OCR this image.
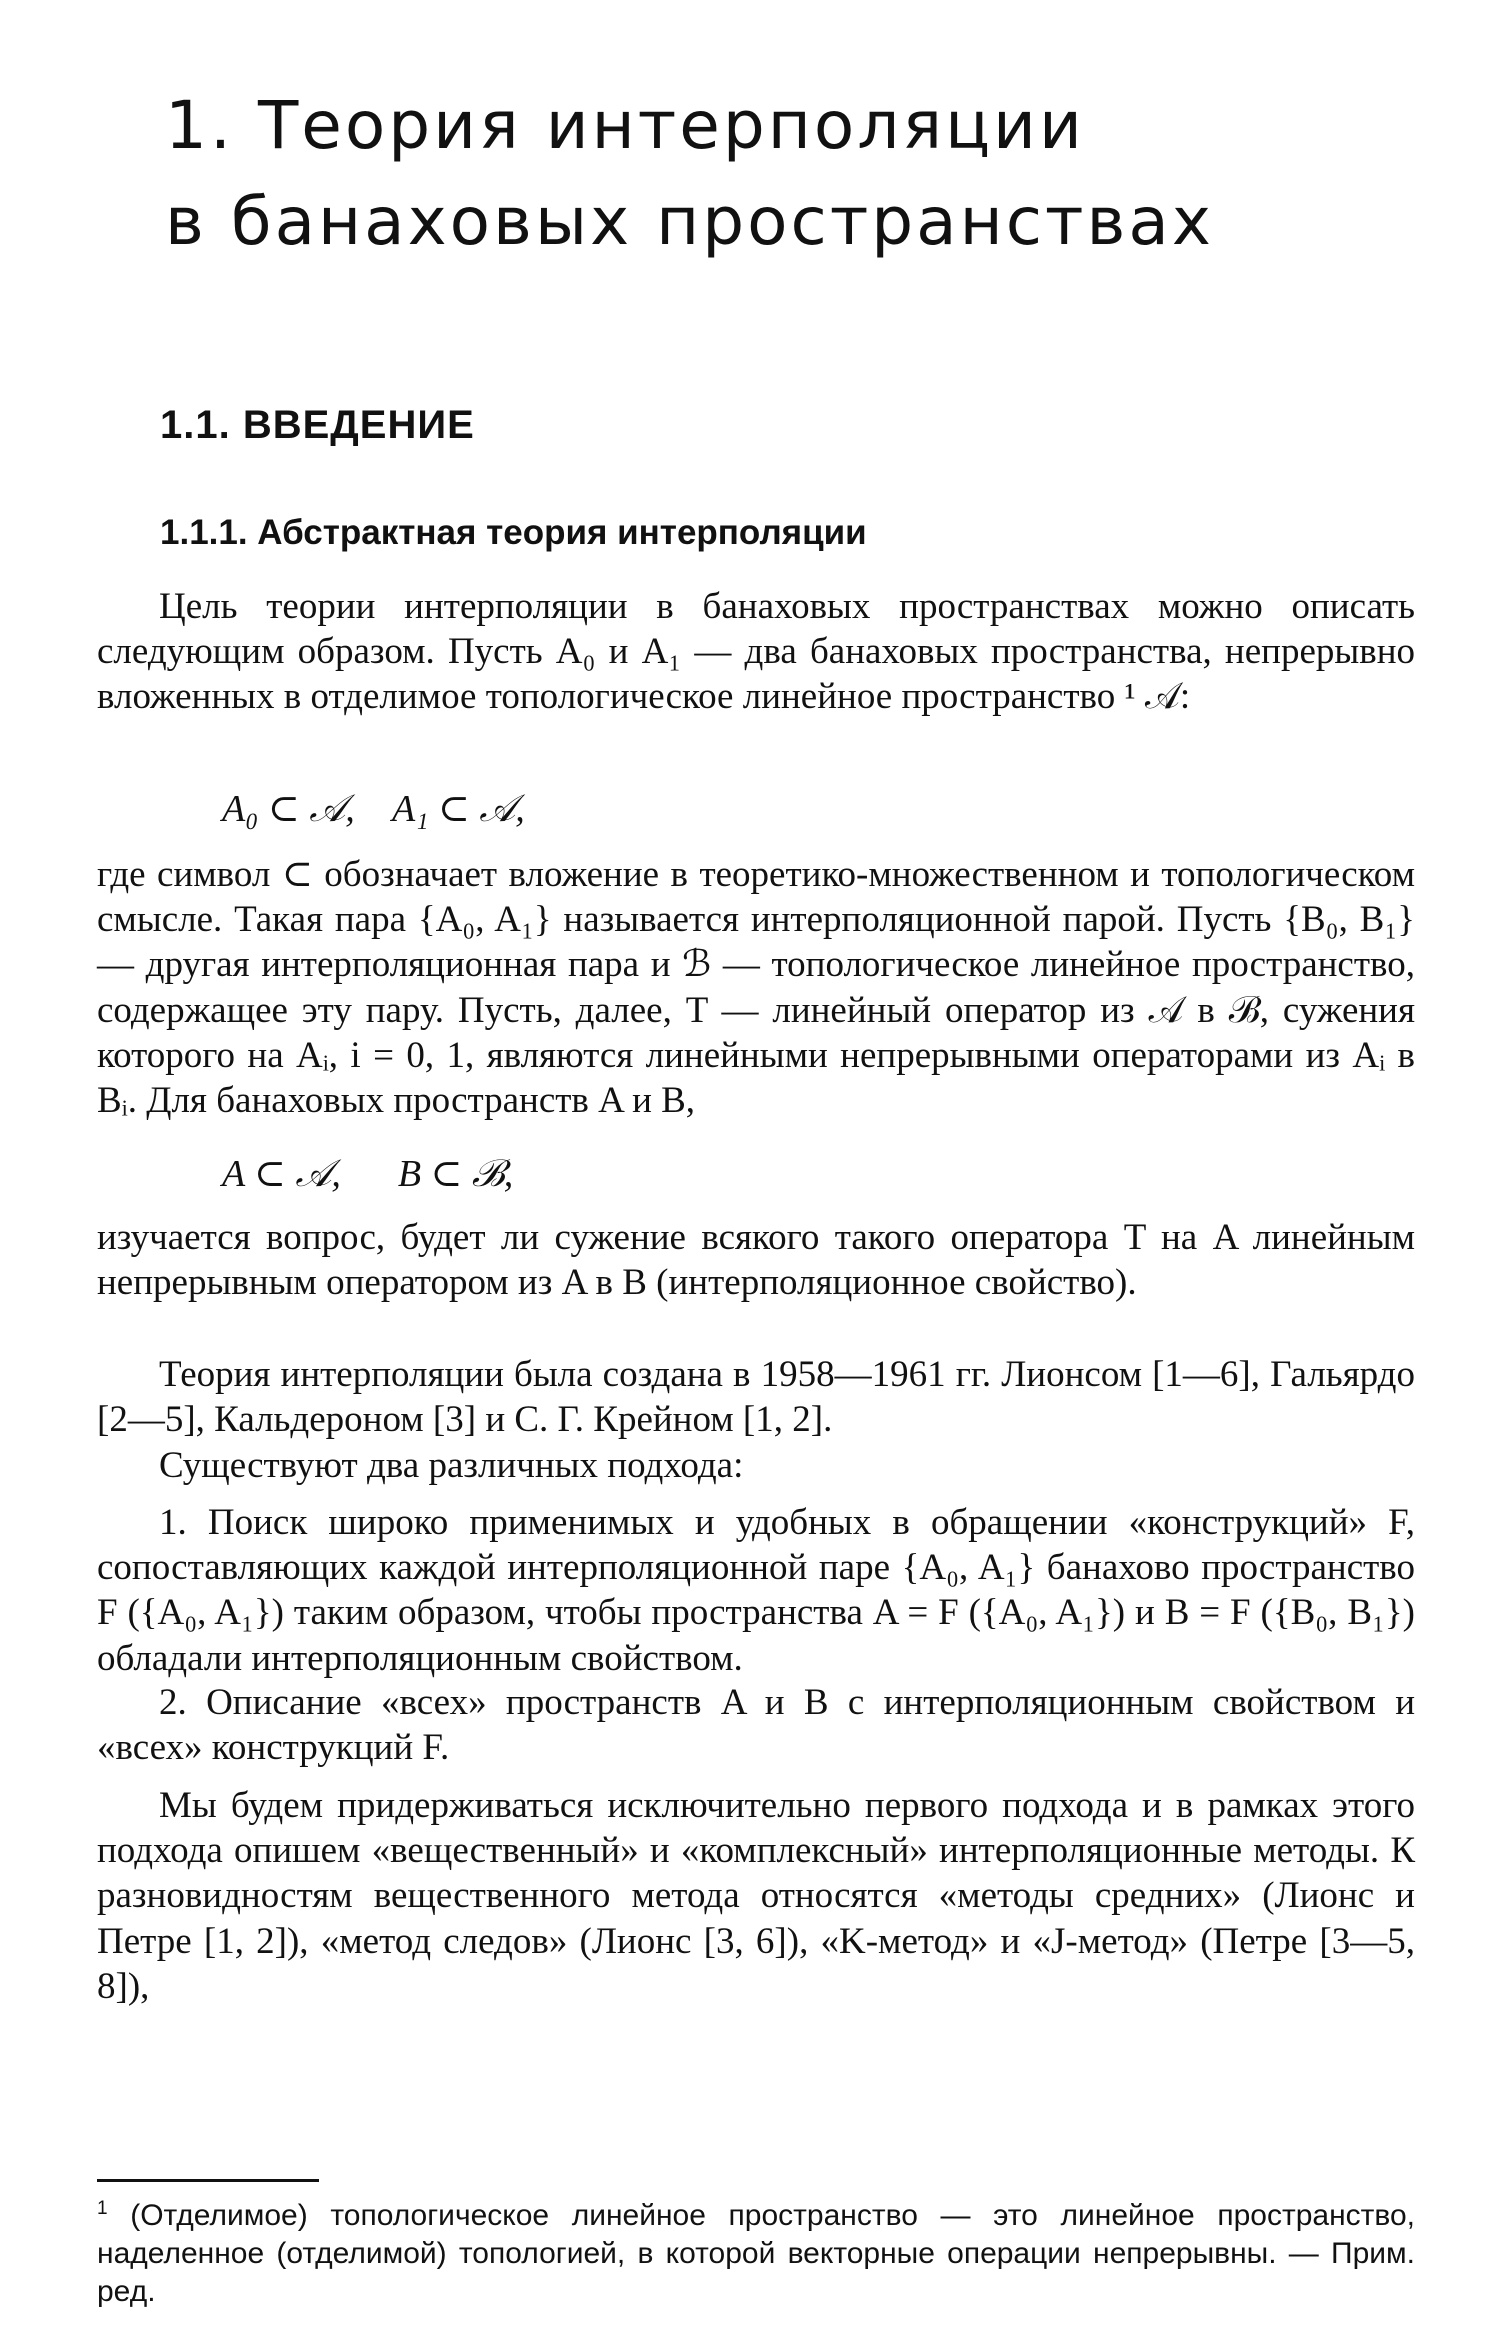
1. Теория интерполяции
в банаховых пространствах
1.1. ВВЕДЕНИЕ
1.1.1. Абстрактная теория интерполяции

Цель теории интерполяции в банаховых пространствах можно описать следующим образом. Пусть A₀ и A₁ — два банаховых пространства, непрерывно вложенных в отделимое топологическое линейное пространство ¹ 𝒜:

A₀ ⊂ 𝒜,    A₁ ⊂ 𝒜,

где символ ⊂ обозначает вложение в теоретико-множественном и топологическом смысле. Такая пара {A₀, A₁} называется интерполяционной парой. Пусть {B₀, B₁} — другая интерполяционная пара и ℬ — топологическое линейное пространство, содержащее эту пару. Пусть, далее, T — линейный оператор из 𝒜 в ℬ, сужения которого на Aᵢ, i = 0, 1, являются линейными непрерывными операторами из Aᵢ в Bᵢ. Для банаховых пространств A и B,

A ⊂ 𝒜,      B ⊂ ℬ,

изучается вопрос, будет ли сужение всякого такого оператора T на A линейным непрерывным оператором из A в B (интерполяционное свойство).

Теория интерполяции была создана в 1958—1961 гг. Лионсом [1—6], Гальярдо [2—5], Кальдероном [3] и С. Г. Крейном [1, 2].

Существуют два различных подхода:

1. Поиск широко применимых и удобных в обращении «конструкций» F, сопоставляющих каждой интерполяционной паре {A₀, A₁} банахово пространство F ({A₀, A₁}) таким образом, чтобы пространства A = F ({A₀, A₁}) и B = F ({B₀, B₁}) обладали интерполяционным свойством.

2. Описание «всех» пространств A и B с интерполяционным свойством и «всех» конструкций F.

Мы будем придерживаться исключительно первого подхода и в рамках этого подхода опишем «вещественный» и «комплексный» интерполяционные методы. К разновидностям вещественного метода относятся «методы средних» (Лионс и Петре [1, 2]), «метод следов» (Лионс [3, 6]), «K-метод» и «J-метод» (Петре [3—5, 8]),

$^1$ (Отделимое) топологическое линейное пространство — это линейное пространство, наделенное (отделимой) топологией, в которой векторные операции непрерывны. — Прим. ред.
